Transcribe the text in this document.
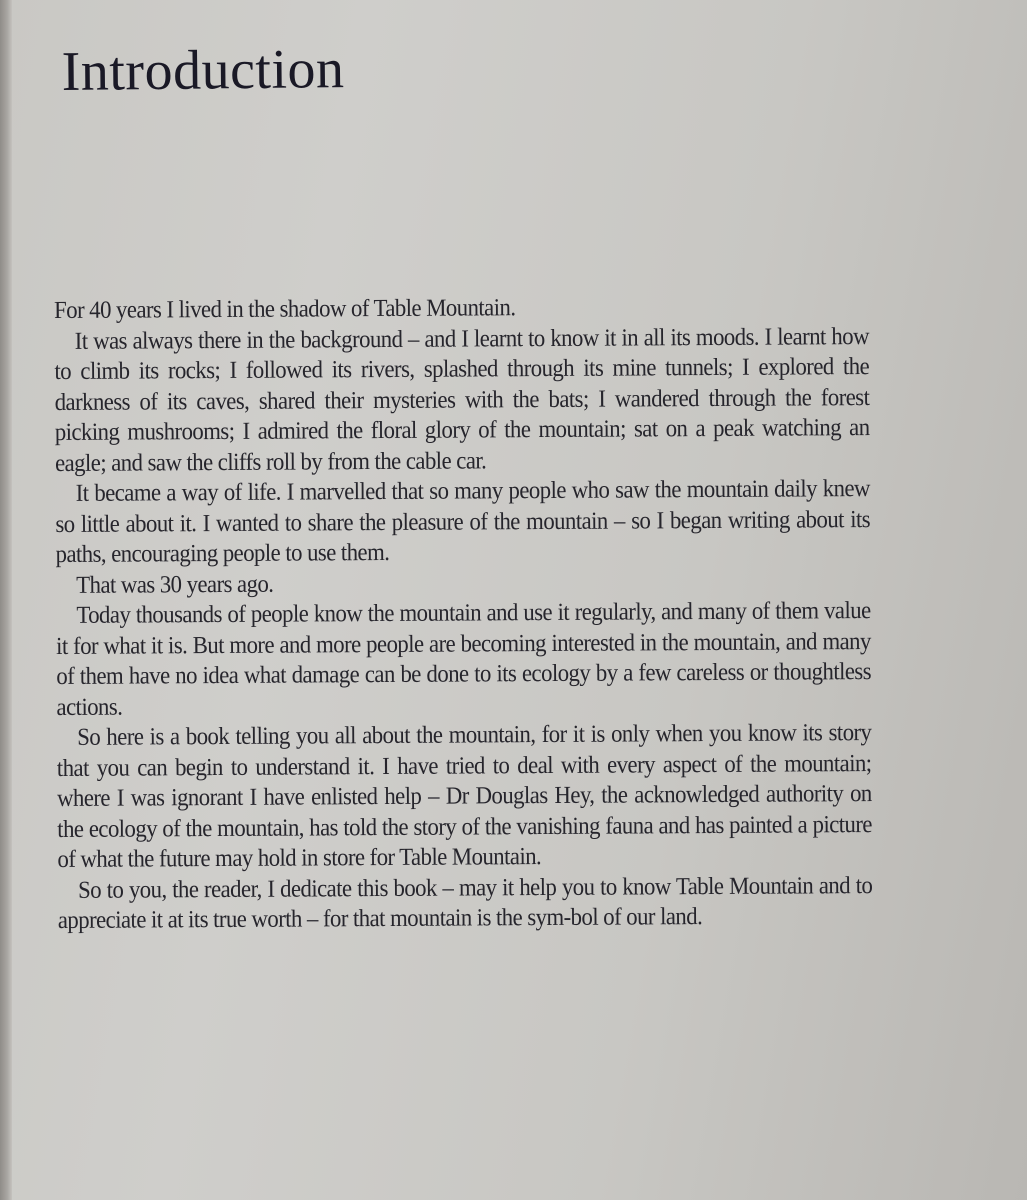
Introduction

For 40 years I lived in the shadow of Table Mountain.

It was always there in the background – and I learnt to know it in all its moods. I learnt how to climb its rocks; I followed its rivers, splashed through its mine tunnels; I explored the darkness of its caves, shared their mysteries with the bats; I wandered through the forest picking mushrooms; I admired the floral glory of the mountain; sat on a peak watching an eagle; and saw the cliffs roll by from the cable car.

It became a way of life. I marvelled that so many people who saw the mountain daily knew so little about it. I wanted to share the pleasure of the mountain – so I began writing about its paths, encouraging people to use them.

That was 30 years ago.

Today thousands of people know the mountain and use it regularly, and many of them value it for what it is. But more and more people are becoming interested in the mountain, and many of them have no idea what damage can be done to its ecology by a few careless or thoughtless actions.

So here is a book telling you all about the mountain, for it is only when you know its story that you can begin to understand it. I have tried to deal with every aspect of the mountain; where I was ignorant I have enlisted help – Dr Douglas Hey, the acknowledged authority on the ecology of the mountain, has told the story of the vanishing fauna and has painted a picture of what the future may hold in store for Table Mountain.

So to you, the reader, I dedicate this book – may it help you to know Table Mountain and to appreciate it at its true worth – for that mountain is the sym-bol of our land.
